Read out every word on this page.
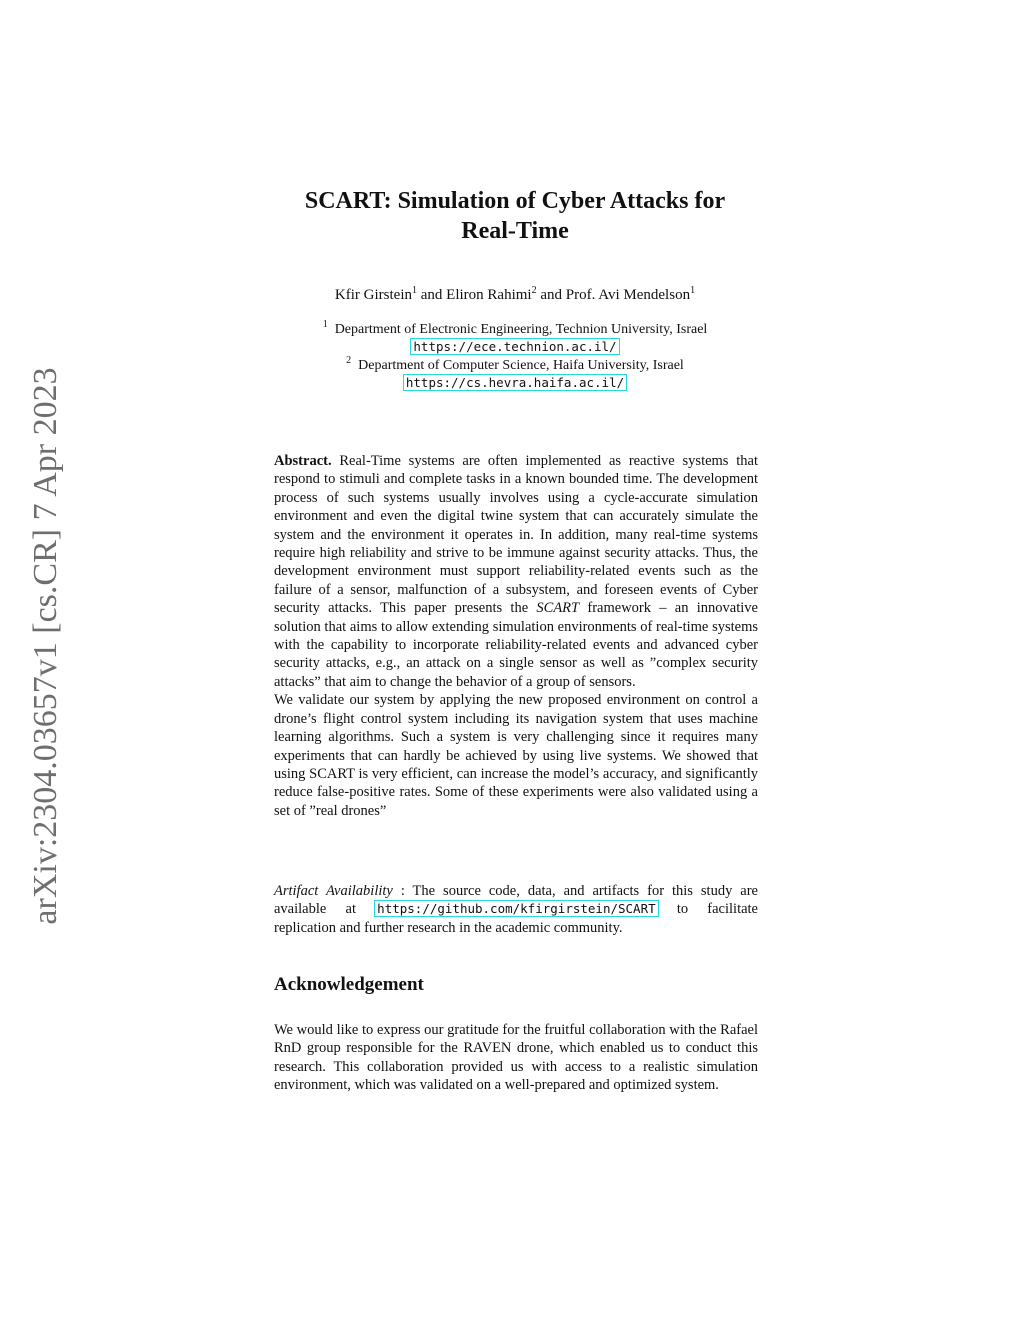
arXiv:2304.03657v1 [cs.CR] 7 Apr 2023
SCART: Simulation of Cyber Attacks for
Real-Time
Kfir Girstein$^1$ and Eliron Rahimi$^2$ and Prof. Avi Mendelson$^1$
$^1$ Department of Electronic Engineering, Technion University, Israel
https://ece.technion.ac.il/
$^2$ Department of Computer Science, Haifa University, Israel
https://cs.hevra.haifa.ac.il/

Abstract. Real-Time systems are often implemented as reactive systems that respond to stimuli and complete tasks in a known bounded time. The development process of such systems usually involves using a cycle-accurate simulation environment and even the digital twine system that can accurately simulate the system and the environment it operates in. In addition, many real-time systems require high reliability and strive to be immune against security attacks. Thus, the development environment must support reliability-related events such as the failure of a sensor, malfunction of a subsystem, and foreseen events of Cyber security attacks. This paper presents the SCART framework – an innovative solution that aims to allow extending simulation environments of real-time systems with the capability to incorporate reliability-related events and advanced cyber security attacks, e.g., an attack on a single sensor as well as ”complex security attacks” that aim to change the behavior of a group of sensors.

We validate our system by applying the new proposed environment on control a drone’s flight control system including its navigation system that uses machine learning algorithms. Such a system is very challenging since it requires many experiments that can hardly be achieved by using live systems. We showed that using SCART is very efficient, can increase the model’s accuracy, and significantly reduce false-positive rates. Some of these experiments were also validated using a set of ”real drones”

Artifact Availability : The source code, data, and artifacts for this study are available at https://github.com/kfirgirstein/SCART to facilitate replication and further research in the academic community.

Acknowledgement

We would like to express our gratitude for the fruitful collaboration with the Rafael RnD group responsible for the RAVEN drone, which enabled us to conduct this research. This collaboration provided us with access to a realistic simulation environment, which was validated on a well-prepared and optimized system.
